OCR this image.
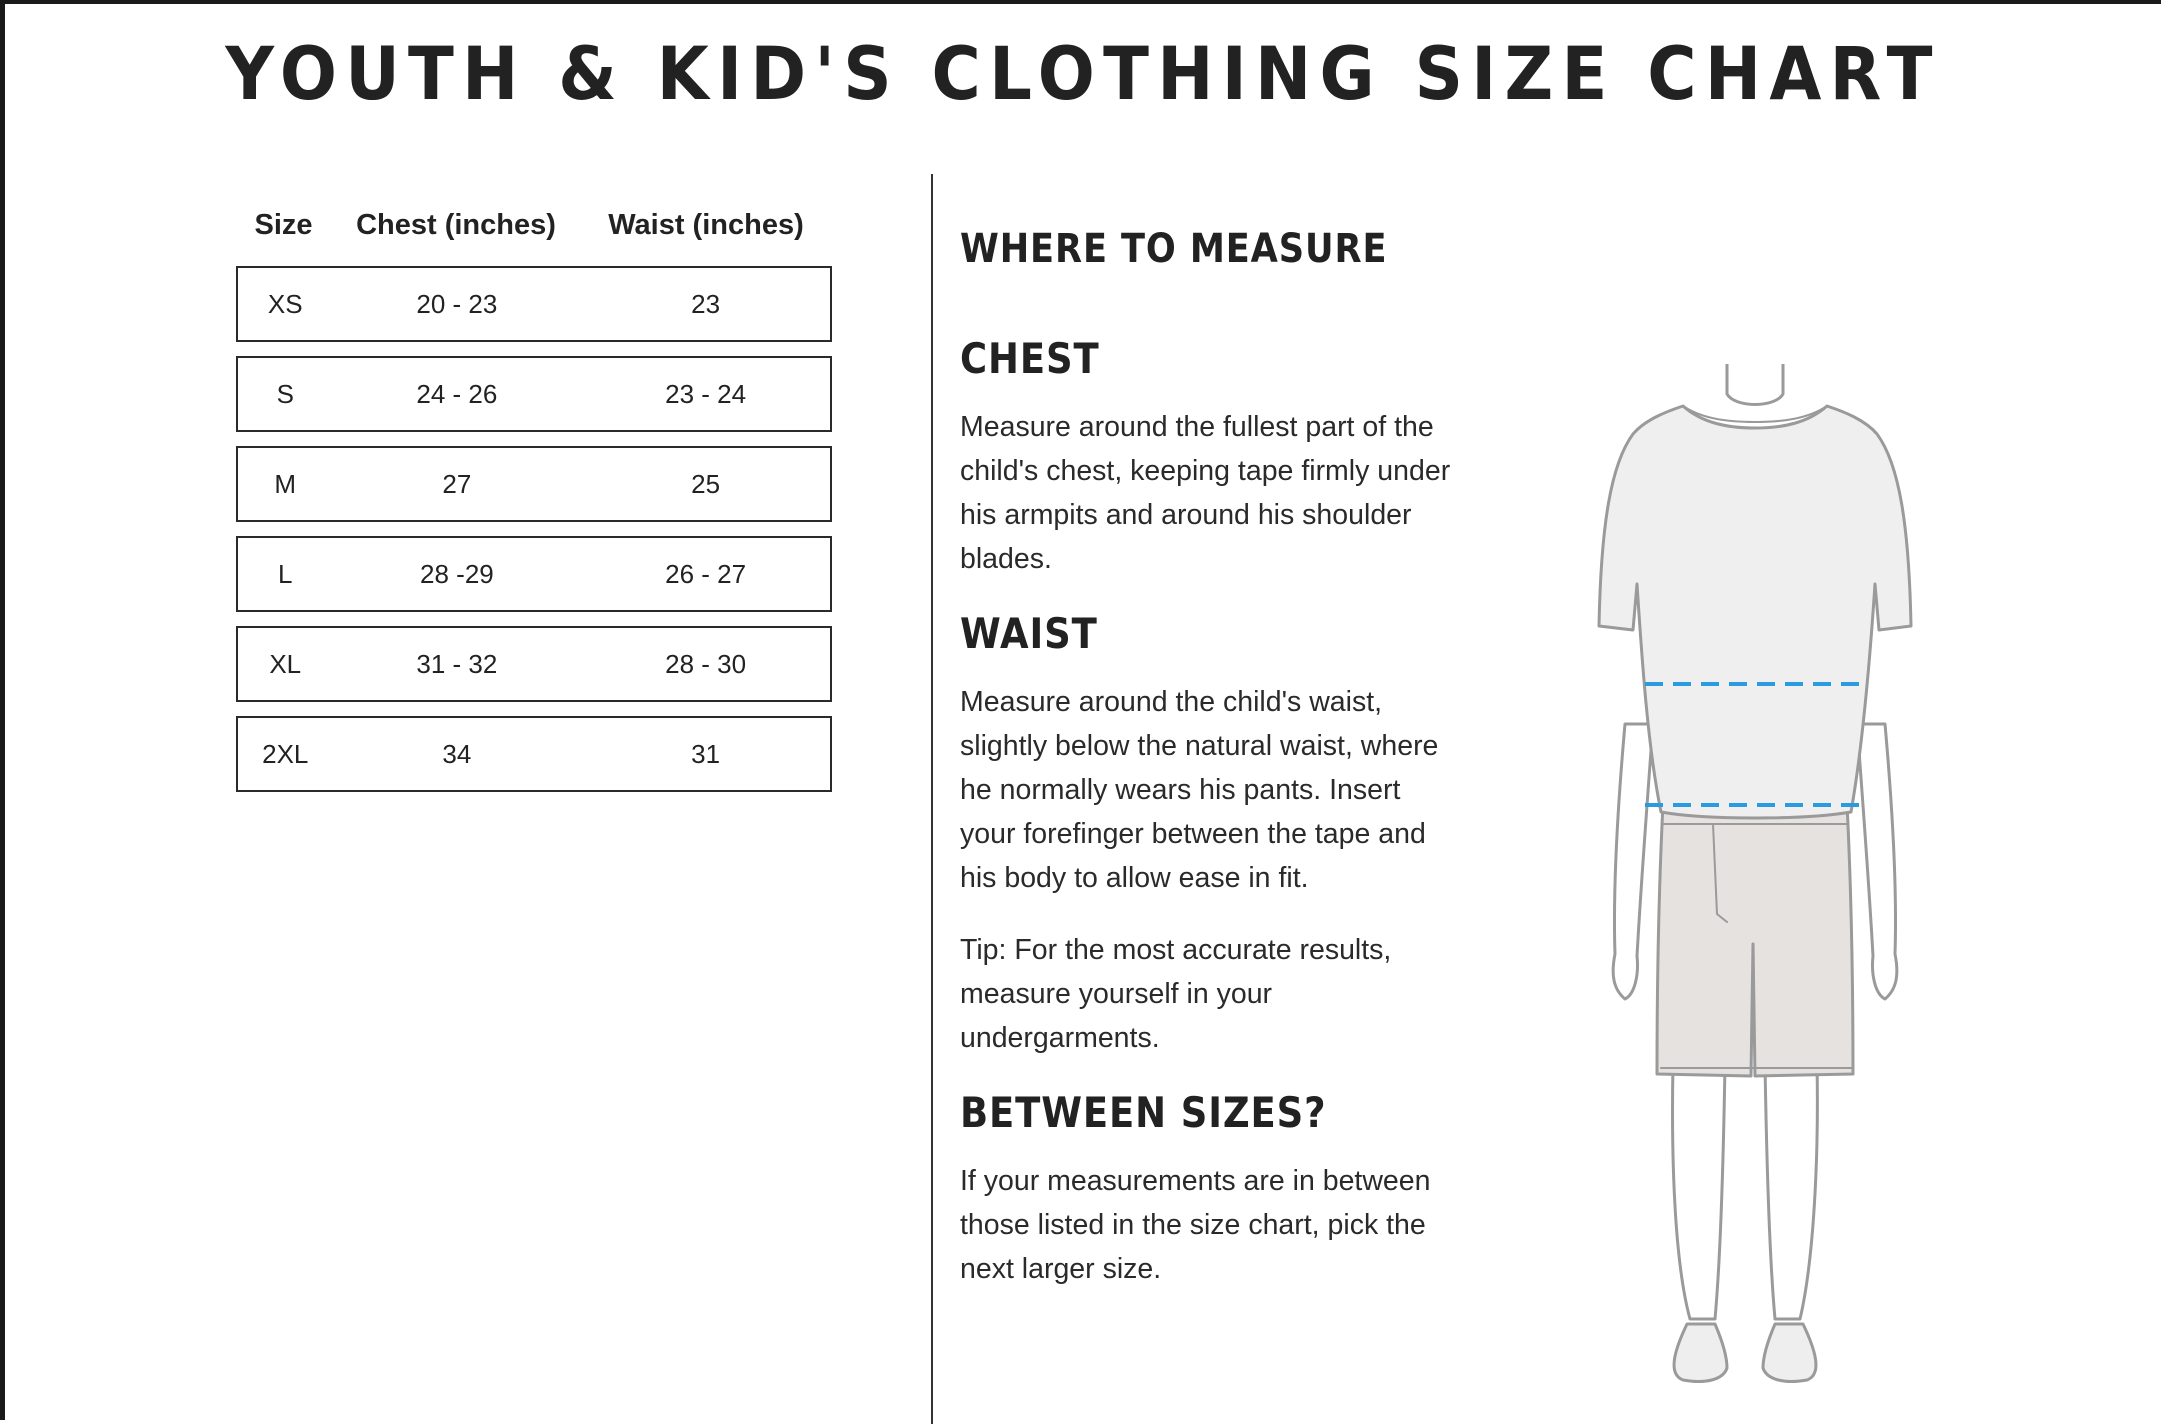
YOUTH & KID'S CLOTHING SIZE CHART
Size	Chest (inches)	Waist (inches)
XS	20 - 23	23
S	24 - 26	23 - 24
M	27	25
L	28 -29	26 - 27
XL	31 - 32	28 - 30
2XL	34	31
WHERE TO MEASURE
CHEST

Measure around the fullest part of the child's chest, keeping tape firmly under his armpits and around his shoulder blades.

WAIST

Measure around the child's waist, slightly below the natural waist, where he normally wears his pants. Insert your forefinger between the tape and his body to allow ease in fit.

Tip: For the most accurate results, measure yourself in your undergarments.

BETWEEN SIZES?

If your measurements are in between those listed in the size chart, pick the next larger size.
